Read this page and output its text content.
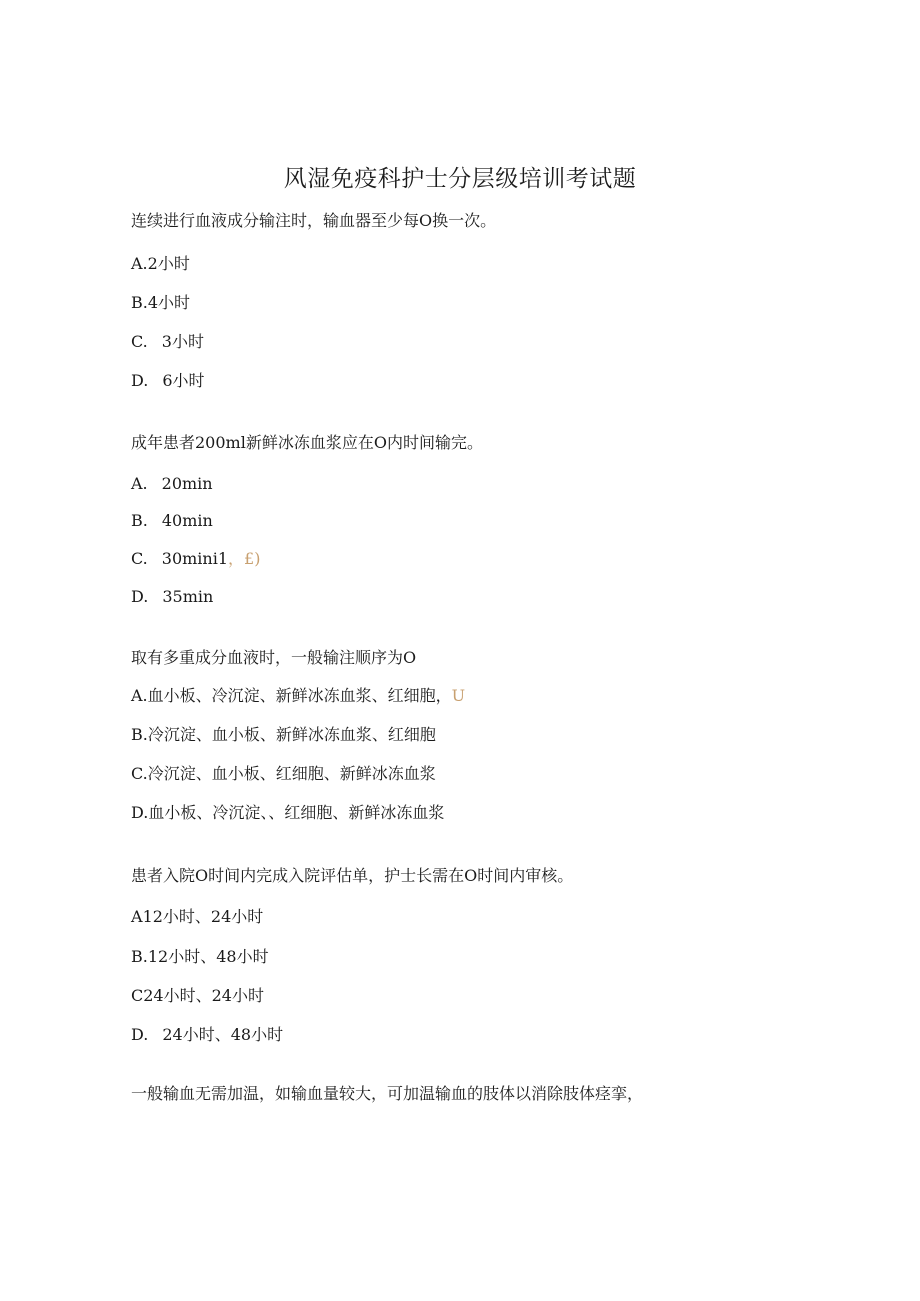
风湿免疫科护士分层级培训考试题
连续进行血液成分输注时，输血器至少每O换一次。
A.2小时
B.4小时
C. 3小时
D. 6小时
成年患者200ml新鲜冰冻血浆应在O内时间输完。
A. 20min
B. 40min
C. 30mini1，£)
D. 35min
取有多重成分血液时，一般输注顺序为O
A.血小板、冷沉淀、新鲜冰冻血浆、红细胞，U
B.冷沉淀、血小板、新鲜冰冻血浆、红细胞
C.冷沉淀、血小板、红细胞、新鲜冰冻血浆
D.血小板、冷沉淀、、红细胞、新鲜冰冻血浆
患者入院O时间内完成入院评估单，护士长需在O时间内审核。
A12小时、24小时
B.12小时、48小时
C24小时、24小时
D. 24小时、48小时
一般输血无需加温，如输血量较大，可加温输血的肢体以消除肢体痉挛，
